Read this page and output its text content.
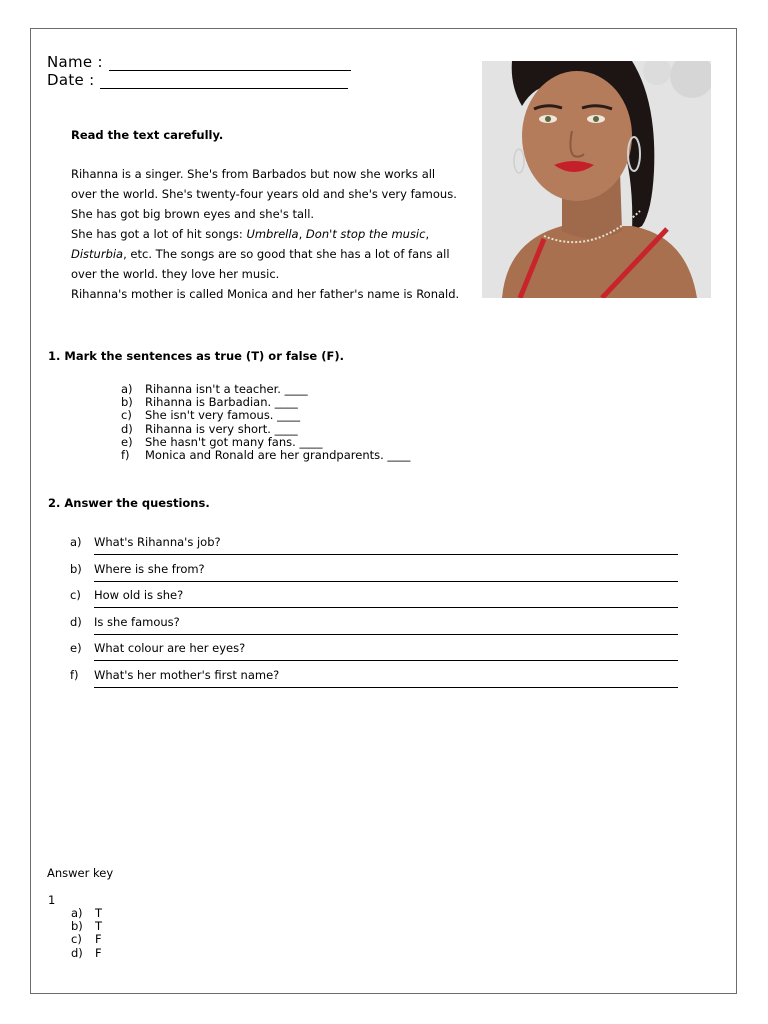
Name :
Date :
Read the text carefully.
Rihanna is a singer. She's from Barbados but now she works all
over the world. She's twenty-four years old and she's very famous.
She has got big brown eyes and she's tall.
She has got a lot of hit songs: Umbrella, Don't stop the music,
Disturbia, etc. The songs are so good that she has a lot of fans all
over the world. they love her music.
Rihanna's mother is called Monica and her father's name is Ronald.
1. Mark the sentences as true (T) or false (F).
a)	Rihanna isn't a teacher. ____
b)	Rihanna is Barbadian. ____
c)	She isn't very famous. ____
d)	Rihanna is very short. ____
e)	She hasn't got many fans. ____
f)	Monica and Ronald are her grandparents. ____
2. Answer the questions.
a) What's Rihanna's job?
b) Where is she from?
c) How old is she?
d) Is she famous?
e) What colour are her eyes?
f) What's her mother's first name?
Answer key
1
a)	T
b)	T
c)	F
d)	F
